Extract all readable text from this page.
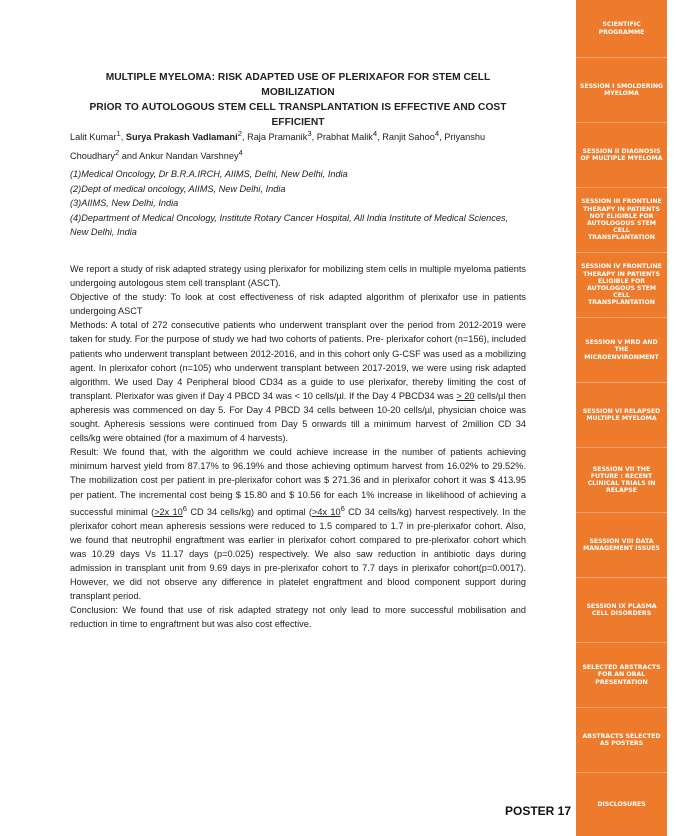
MULTIPLE MYELOMA: RISK ADAPTED USE OF PLERIXAFOR FOR STEM CELL MOBILIZATION
PRIOR TO AUTOLOGOUS STEM CELL TRANSPLANTATION IS EFFECTIVE AND COST EFFICIENT
Lalit Kumar$^1$, Surya Prakash Vadlamani$^2$, Raja Pramanik$^3$, Prabhat Malik$^4$, Ranjit Sahoo$^4$, Priyanshu Choudhary$^2$ and Ankur Nandan Varshney$^4$
(1)Medical Oncology, Dr B.R.A.IRCH, AIIMS, Delhi, New Delhi, India
(2)Dept of medical oncology, AIIMS, New Delhi, India
(3)AIIMS, New Delhi, India
(4)Department of Medical Oncology, Institute Rotary Cancer Hospital, All India Institute of Medical Sciences, New Delhi, India

We report a study of risk adapted strategy using plerixafor for mobilizing stem cells in multiple myeloma patients undergoing autologous stem cell transplant (ASCT).

Objective of the study: To look at cost effectiveness of risk adapted algorithm of plerixafor use in patients undergoing ASCT

Methods: A total of 272 consecutive patients who underwent transplant over the period from 2012-2019 were taken for study. For the purpose of study we had two cohorts of patients. Pre- plerixafor cohort (n=156), included patients who underwent transplant between 2012-2016, and in this cohort only G-CSF was used as a mobilizing agent. In plerixafor cohort (n=105) who underwent transplant between 2017-2019, we were using risk adapted algorithm. We used Day 4 Peripheral blood CD34 as a guide to use plerixafor, thereby limiting the cost of transplant. Plerixafor was given if Day 4 PBCD 34 was < 10 cells/µl. If the Day 4 PBCD34 was > 20 cells/µl then apheresis was commenced on day 5. For Day 4 PBCD 34 cells between 10-20 cells/µl, physician choice was sought. Apheresis sessions were continued from Day 5 onwards till a minimum harvest of 2million CD 34 cells/kg were obtained (for a maximum of 4 harvests).

Result: We found that, with the algorithm we could achieve increase in the number of patients achieving minimum harvest yield from 87.17% to 96.19% and those achieving optimum harvest from 16.02% to 29.52%. The mobilization cost per patient in pre-plerixafor cohort was $ 271.36 and in plerixafor cohort it was $ 413.95 per patient. The incremental cost being $ 15.80 and $ 10.56 for each 1% increase in likelihood of achieving a successful minimal (>2x $10^6$ CD 34 cells/kg) and optimal (>4x $10^6$ CD 34 cells/kg) harvest respectively. In the plerixafor cohort mean apheresis sessions were reduced to 1.5 compared to 1.7 in pre-plerixafor cohort. Also, we found that neutrophil engraftment was earlier in plerixafor cohort compared to pre-plerixafor cohort which was 10.29 days Vs 11.17 days (p=0.025) respectively. We also saw reduction in antibiotic days during admission in transplant unit from 9.69 days in pre-plerixafor cohort to 7.7 days in plerixafor cohort(p=0.0017). However, we did not observe any difference in platelet engraftment and blood component support during transplant period.

Conclusion: We found that use of risk adapted strategy not only lead to more successful mobilisation and reduction in time to engraftment but was also cost effective.

POSTER 17
SCIENTIFIC PROGRAMME
SESSION I SMOLDERING MYELOMA
SESSION II DIAGNOSIS OF MULTIPLE MYELOMA
SESSION III FRONTLINE THERAPY IN PATIENTS NOT ELIGIBLE FOR AUTOLOGOUS STEM CELL TRANSPLANTATION
SESSION IV FRONTLINE THERAPY IN PATIENTS ELIGIBLE FOR AUTOLOGOUS STEM CELL TRANSPLANTATION
SESSION V MRD AND THE MICROENVIRONMENT
SESSION VI RELAPSED MULTIPLE MYELOMA
SESSION VII THE FUTURE : RECENT CLINICAL TRIALS IN RELAPSE
SESSION VIII DATA MANAGEMENT ISSUES
SESSION IX PLASMA CELL DISORDERS
SELECTED ABSTRACTS FOR AN ORAL PRESENTATION
ABSTRACTS SELECTED AS POSTERS
DISCLOSURES
